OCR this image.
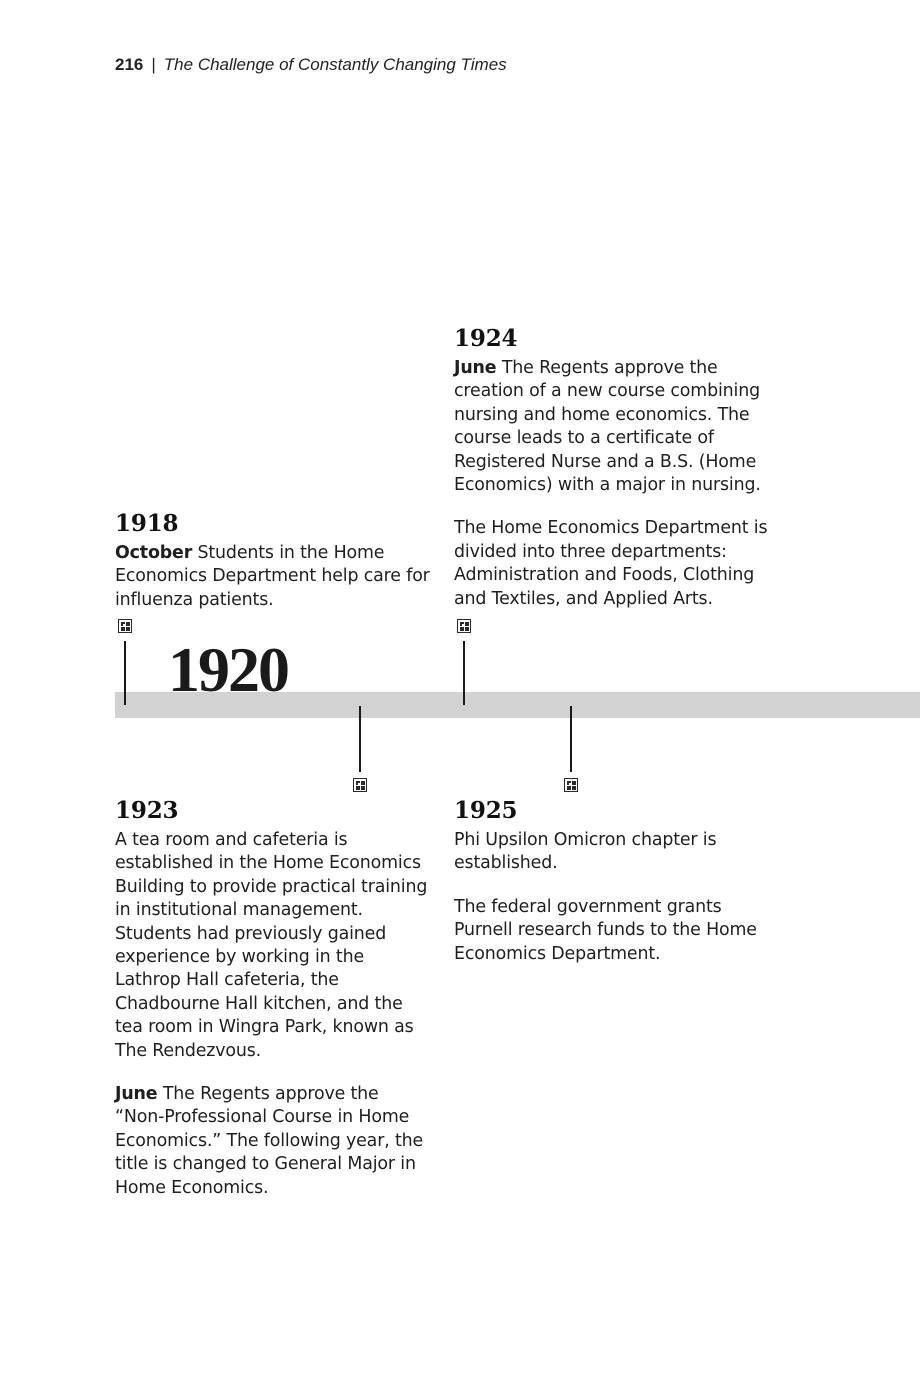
216 | The Challenge of Constantly Changing Times
1924

June The Regents approve the creation of a new course combining nursing and home economics. The course leads to a certificate of Registered Nurse and a B.S. (Home Economics) with a major in nursing.

The Home Economics Department is divided into three departments: Administration and Foods, Clothing and Textiles, and Applied Arts.

1918

October Students in the Home Economics Department help care for influenza patients.

1920
1923

A tea room and cafeteria is established in the Home Economics Building to provide practical training in institutional management. Students had previously gained experience by working in the Lathrop Hall cafeteria, the Chadbourne Hall kitchen, and the tea room in Wingra Park, known as The Rendezvous.

June The Regents approve the “Non-Professional Course in Home Economics.” The following year, the title is changed to General Major in Home Economics.

1925

Phi Upsilon Omicron chapter is established.

The federal government grants Purnell research funds to the Home Economics Department.
